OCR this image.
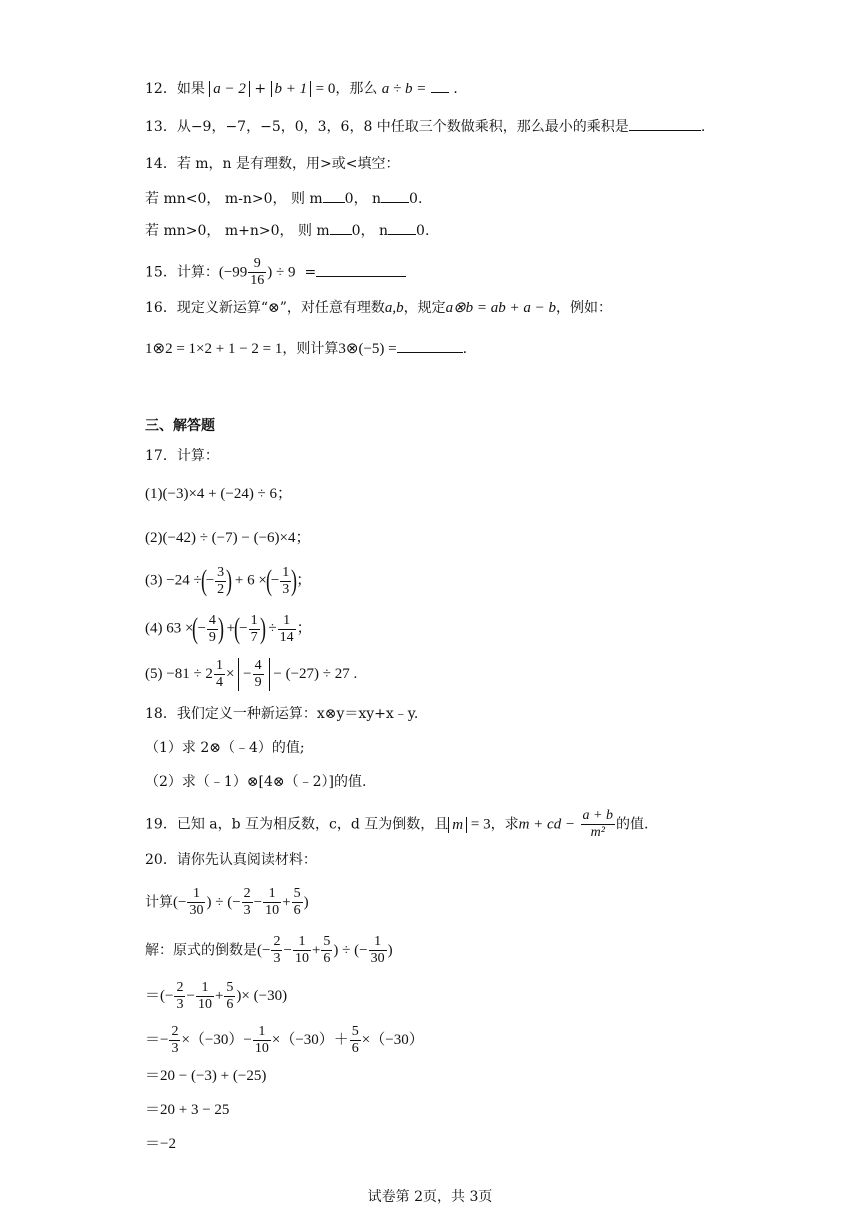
12．如果 a − 2 + b + 1 = 0，那么 a ÷ b = ．
13．从−9，−7，−5，0，3，6，8 中任取三个数做乘积，那么最小的乘积是	.
14．若 m，n 是有理数，用>或<填空：
若 mn<0， m-n>0， 则 m 0， n 0.
若 mn>0， m+n>0， 则 m 0， n 0.
15．计算：($-99 \frac{9}{16}$ ) ÷ 9 =
16．现定义新运算“⊗”，对任意有理数a,b，规定a⊗b = ab + a − b，例如：
1⊗2 = 1×2 + 1 − 2 = 1，则计算3⊗(−5) =	.
三、解答题
17．计算：
(1)(−3)×4 + (−24) ÷ 6；
(2)(−42) ÷ (−7) − (−6)×4；
(3) −24 ÷(− $\frac{3}{2}$ ) + 6 ×(− $\frac{1}{3}$ )；
(4) 63 ×(− $\frac{4}{9}$ ) +(− $\frac{1}{7}$ ) ÷ $\frac{1}{14}$ ；
$(5) -81 \div 2 \frac{1}{4}$ × − $\frac{4}{9} - (-27) \div 27$ .
18．我们定义一种新运算：x⊗y＝xy+x﹣y.
（1）求 2⊗（﹣4）的值;
（2）求（﹣1）⊗[4⊗（﹣2）]的值.
19．已知 a，b 互为相反数，c，d 互为倒数，且 m = 3，求m + cd − $\frac{a + b}{\text{m²}}$ 的值.
20．请你先认真阅读材料：
计算(− $\frac{1}{30}$ ) ÷ (− $\frac{2}{3} - \frac{1}{10} + \frac{5}{6}$ )
解：原式的倒数是(− $\frac{2}{3} - \frac{1}{10} + \frac{5}{6}$ ) ÷ (− $\frac{1}{30}$ )
＝(− $\frac{2}{3} - \frac{1}{10} + \frac{5}{6}$ )× (−30)
＝− $\frac{2}{3} \times(-30)- \frac{1}{10} \times(-30)+ \frac{5}{6} \times(-30)$
＝20 − (−3) + (−25)
＝20 + 3 − 25
＝−2
试卷第 2页，共 3页
